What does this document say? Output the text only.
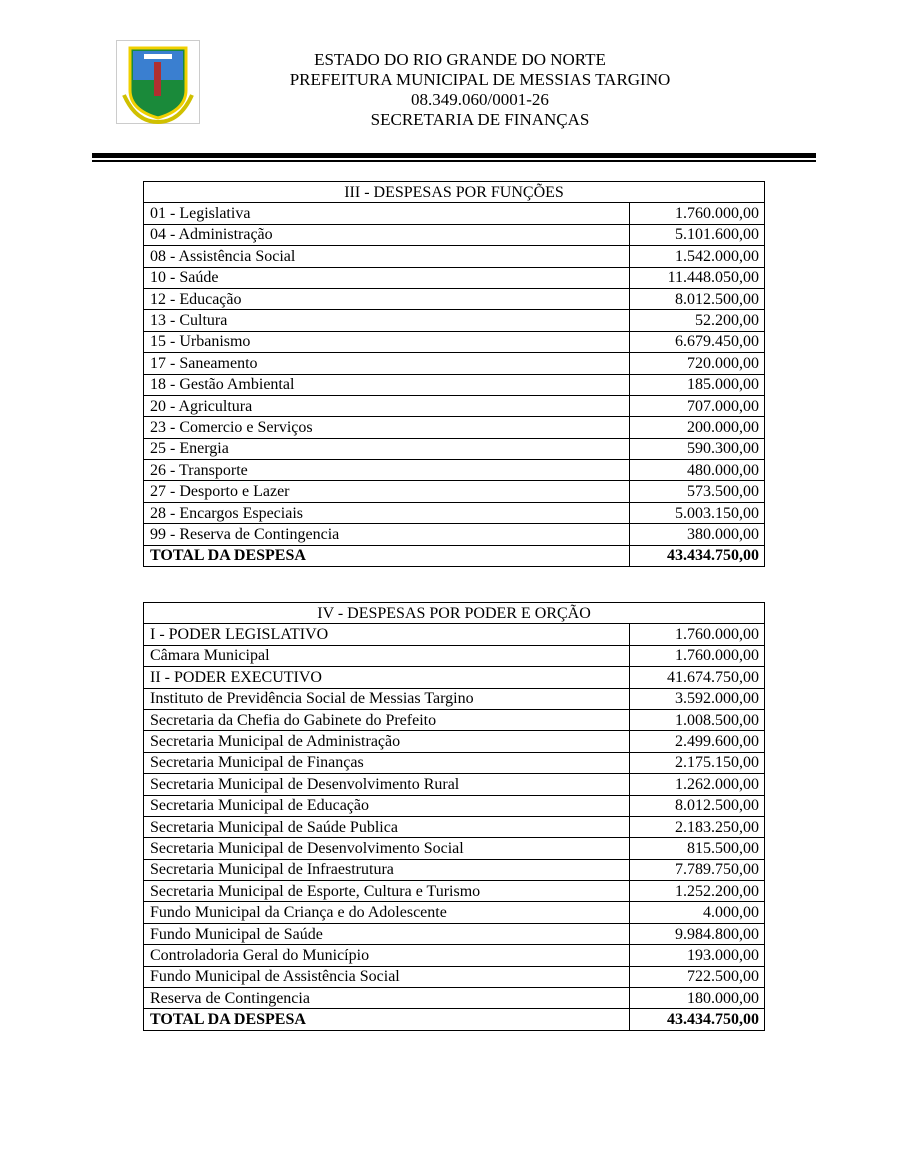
ESTADO DO RIO GRANDE DO NORTE
PREFEITURA MUNICIPAL DE MESSIAS TARGINO
08.349.060/0001-26
SECRETARIA DE FINANÇAS
III - DESPESAS POR FUNÇÕES	
01 - Legislativa	1.760.000,00
04 - Administração	5.101.600,00
08 - Assistência Social	1.542.000,00
10 - Saúde	11.448.050,00
12 - Educação	8.012.500,00
13 - Cultura	52.200,00
15 - Urbanismo	6.679.450,00
17 - Saneamento	720.000,00
18 - Gestão Ambiental	185.000,00
20 - Agricultura	707.000,00
23 - Comercio e Serviços	200.000,00
25 - Energia	590.300,00
26 - Transporte	480.000,00
27 - Desporto e Lazer	573.500,00
28 - Encargos Especiais	5.003.150,00
99 - Reserva de Contingencia	380.000,00
TOTAL DA DESPESA	43.434.750,00
IV - DESPESAS POR PODER E ORÇÃO	
I - PODER LEGISLATIVO	1.760.000,00
Câmara Municipal	1.760.000,00
II - PODER EXECUTIVO	41.674.750,00
Instituto de Previdência Social de Messias Targino	3.592.000,00
Secretaria da Chefia do Gabinete do Prefeito	1.008.500,00
Secretaria Municipal de Administração	2.499.600,00
Secretaria Municipal de Finanças	2.175.150,00
Secretaria Municipal de Desenvolvimento Rural	1.262.000,00
Secretaria Municipal de Educação	8.012.500,00
Secretaria Municipal de Saúde Publica	2.183.250,00
Secretaria Municipal de Desenvolvimento Social	815.500,00
Secretaria Municipal de Infraestrutura	7.789.750,00
Secretaria Municipal de Esporte, Cultura e Turismo	1.252.200,00
Fundo Municipal da Criança e do Adolescente	4.000,00
Fundo Municipal de Saúde	9.984.800,00
Controladoria Geral do Município	193.000,00
Fundo Municipal de Assistência Social	722.500,00
Reserva de Contingencia	180.000,00
TOTAL DA DESPESA	43.434.750,00
